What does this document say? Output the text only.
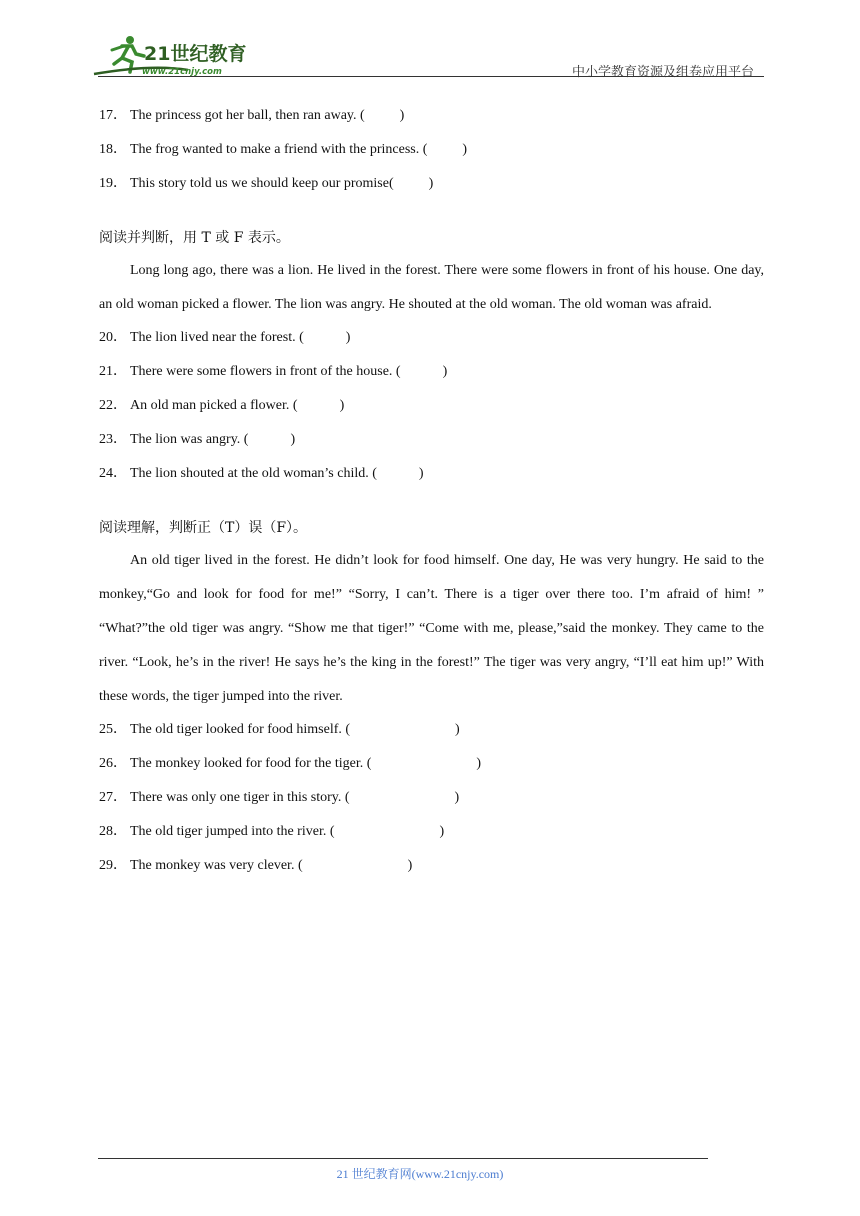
21世纪教育
www.21cnjy.com	中小学教育资源及组卷应用平台
17． The princess got her ball, then ran away. (          )
18． The frog wanted to make a friend with the princess. (          )
19． This story told us we should keep our promise(          )
阅读并判断，用 T 或 F 表示。
Long long ago, there was a lion. He lived in the forest. There were some flowers in front of his house. One day, an old woman picked a flower. The lion was angry. He shouted at the old woman. The old woman was afraid.
20． The lion lived near the forest. (            )
21． There were some flowers in front of the house. (            )
22． An old man picked a flower. (            )
23． The lion was angry. (            )
24． The lion shouted at the old woman’s child. (            )
阅读理解，判断正（T）误（F）。
An old tiger lived in the forest. He didn’t look for food himself. One day, He was very hungry. He said to the monkey,“Go and look for food for me!” “Sorry, I can’t. There is a tiger over there too. I’m afraid of him! ” “What?”the old tiger was angry. “Show me that tiger!” “Come with me, please,”said the monkey. They came to the river. “Look, he’s in the river! He says he’s the king in the forest!” The tiger was very angry, “I’ll eat him up!” With these words, the tiger jumped into the river.
25． The old tiger looked for food himself. (                              )
26． The monkey looked for food for the tiger. (                              )
27． There was only one tiger in this story. (                              )
28． The old tiger jumped into the river. (                              )
29． The monkey was very clever. (                              )
21 世纪教育网(www.21cnjy.com)
